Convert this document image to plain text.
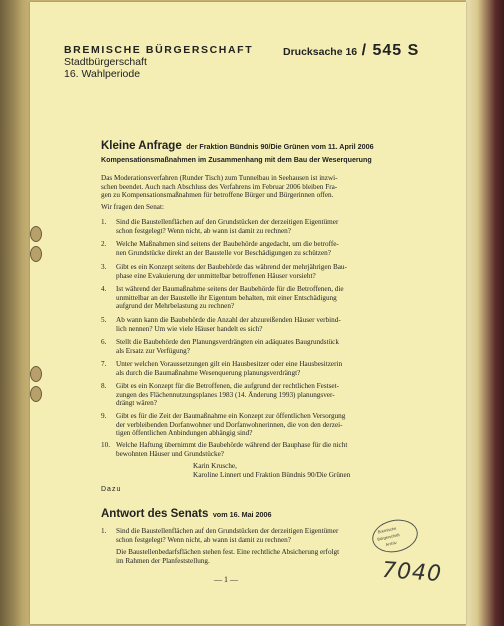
BREMISCHE BÜRGERSCHAFT
Stadtbürgerschaft
16. Wahlperiode
Drucksache 16 / 545 S
Kleine Anfrage der Fraktion Bündnis 90/Die Grünen vom 11. April 2006
Kompensationsmaßnahmen im Zusammenhang mit dem Bau der Weserquerung
Das Moderationsverfahren (Runder Tisch) zum Tunnelbau in Seehausen ist inzwi-
schen beendet. Auch nach Abschluss des Verfahrens im Februar 2006 bleiben Fra-
gen zu Kompensationsmaßnahmen für betroffene Bürger und Bürgerinnen offen.
Wir fragen den Senat:
1. Sind die Baustellenflächen auf den Grundstücken der derzeitigen Eigentümer
schon festgelegt? Wenn nicht, ab wann ist damit zu rechnen?
2. Welche Maßnahmen sind seitens der Baubehörde angedacht, um die betroffe-
nen Grundstücke direkt an der Baustelle vor Beschädigungen zu schützen?
3. Gibt es ein Konzept seitens der Baubehörde das während der mehrjährigen Bau-
phase eine Evakuierung der unmittelbar betroffenen Häuser vorsieht?
4. Ist während der Baumaßnahme seitens der Baubehörde für die Betroffenen, die
unmittelbar an der Baustelle ihr Eigentum behalten, mit einer Entschädigung
aufgrund der Mehrbelastung zu rechnen?
5. Ab wann kann die Baubehörde die Anzahl der abzureißenden Häuser verbind-
lich nennen? Um wie viele Häuser handelt es sich?
6. Stellt die Baubehörde den Planungsverdrängten ein adäquates Baugrundstück
als Ersatz zur Verfügung?
7. Unter welchen Voraussetzungen gilt ein Hausbesitzer oder eine Hausbesitzerin
als durch die Baumaßnahme Wesenquerung planungsverdrängt?
8. Gibt es ein Konzept für die Betroffenen, die aufgrund der rechtlichen Festset-
zungen des Flächennutzungsplanes 1983 (14. Änderung 1993) planungsver-
drängt wären?
9. Gibt es für die Zeit der Baumaßnahme ein Konzept zur öffentlichen Versorgung
der verbleibenden Dorfanwohner und Dorfanwohnerinnen, die von den derzei-
tigen öffentlichen Anbindungen abhängig sind?
10. Welche Haftung übernimmt die Baubehörde während der Bauphase für die nicht
bewohnten Häuser und Grundstücke?
Karin Krusche,
Karoline Linnert und Fraktion Bündnis 90/Die Grünen
Dazu
Antwort des Senats vom 16. Mai 2006
1. Sind die Baustellenflächen auf den Grundstücken der derzeitigen Eigentümer
schon festgelegt? Wenn nicht, ab wann ist damit zu rechnen?
Die Baustellenbedarfsflächen stehen fest. Eine rechtliche Absicherung erfolgt
im Rahmen der Planfeststellung.
— 1 —
Bremische
Bürgerschaft
Archiv
7040
